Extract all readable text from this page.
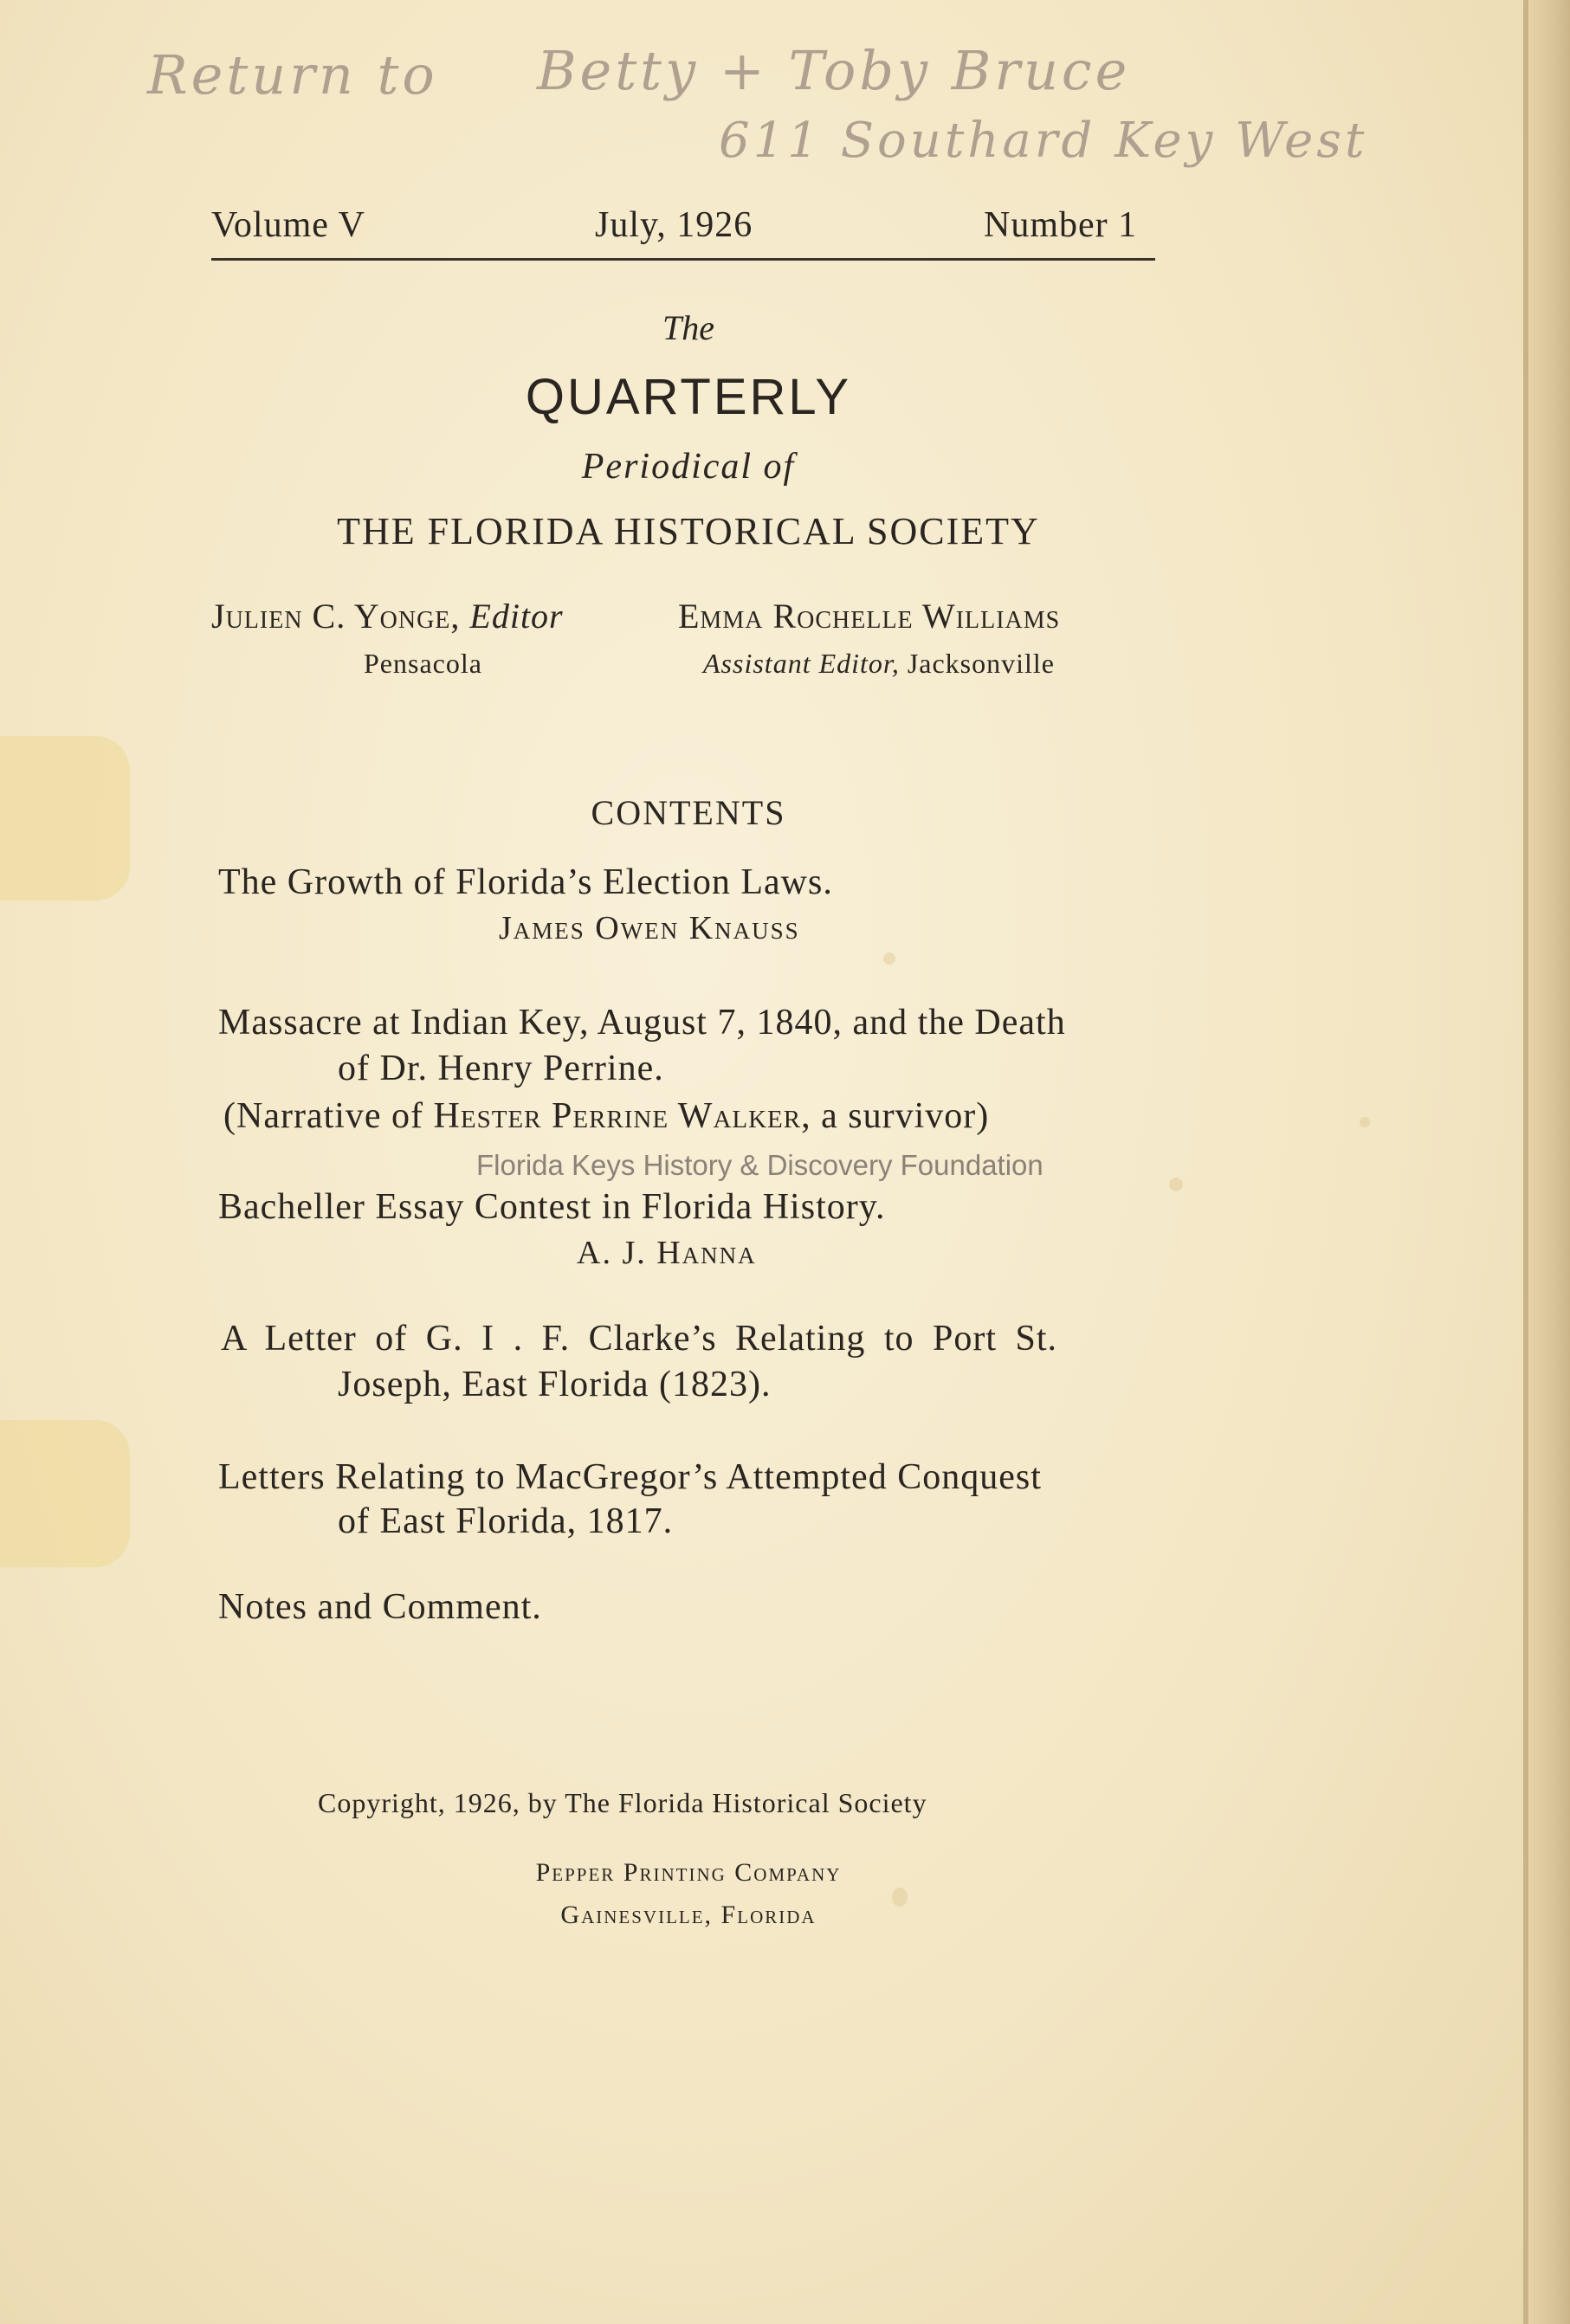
Return to Betty + Toby Bruce
611 Southard Key West
Volume V	July, 1926	Number 1
The
QUARTERLY
Periodical of
THE FLORIDA HISTORICAL SOCIETY
Julien C. Yonge, Editor	Emma Rochelle Williams
Pensacola	Assistant Editor, Jacksonville
CONTENTS
The Growth of Florida’s Election Laws.
James Owen Knauss
Massacre at Indian Key, August 7, 1840, and the Death
of Dr. Henry Perrine.
(Narrative of Hester Perrine Walker, a survivor)
Florida Keys History & Discovery Foundation
Bacheller Essay Contest in Florida History.
A. J. Hanna
A Letter of G. I . F. Clarke’s Relating to Port St.
Joseph, East Florida (1823).
Letters Relating to MacGregor’s Attempted Conquest
of East Florida, 1817.
Notes and Comment.
Copyright, 1926, by The Florida Historical Society
Pepper Printing Company
Gainesville, Florida
